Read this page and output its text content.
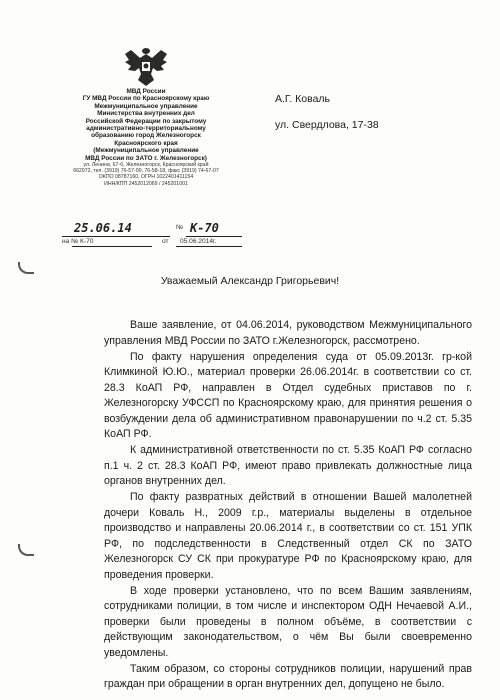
МВД России
ГУ МВД России по Красноярскому краю
Межмуниципальное управление
Министерства внутренних дел
Российской Федерации по закрытому
административно-территориальному
образованию город Железногорск
Красноярского края
(Межмуниципальное управление
МВД России по ЗАТО г. Железногорск)
ул. Ленина, 67-б, Железногорск, Красноярский край
662972, тел. (3919) 76-57-00, 76-58-18, факс (3919) 74-67-07
ОКПО 08787160, ОГРН 1022401411154
ИНН/КПП 2452012069 / 245201001
А.Г. Коваль
ул. Свердлова, 17-38
25.06.14	№ К-70
на № К-70	от 05.06.2014г.
Уважаемый Александр Григорьевич!

Ваше заявление, от 04.06.2014, руководством Межмуниципального управления МВД России по ЗАТО г.Железногорск, рассмотрено.

По факту нарушения определения суда от 05.09.2013г. гр-кой Климкиной Ю.Ю., материал проверки 26.06.2014г. в соответствии со ст. 28.3 КоАП РФ, направлен в Отдел судебных приставов по г. Железногорску УФССП по Красноярскому краю, для принятия решения о возбуждении дела об административном правонарушении по ч.2 ст. 5.35 КоАП РФ.

К административной ответственности по ст. 5.35 КоАП РФ согласно п.1 ч. 2 ст. 28.3 КоАП РФ, имеют право привлекать должностные лица органов внутренних дел.

По факту развратных действий в отношении Вашей малолетней дочери Коваль Н., 2009 г.р., материалы выделены в отдельное производство и направлены 20.06.2014 г., в соответствии со ст. 151 УПК РФ, по подследственности в Следственный отдел СК по ЗАТО Железногорск СУ СК при прокуратуре РФ по Красноярскому краю, для проведения проверки.

В ходе проверки установлено, что по всем Вашим заявлениям, сотрудниками полиции, в том числе и инспектором ОДН Нечаевой А.И., проверки были проведены в полном объёме, в соответствии с действующим законодательством, о чём Вы были своевременно уведомлены.

Таким образом, со стороны сотрудников полиции, нарушений прав граждан при обращении в орган внутренних дел, допущено не было.
